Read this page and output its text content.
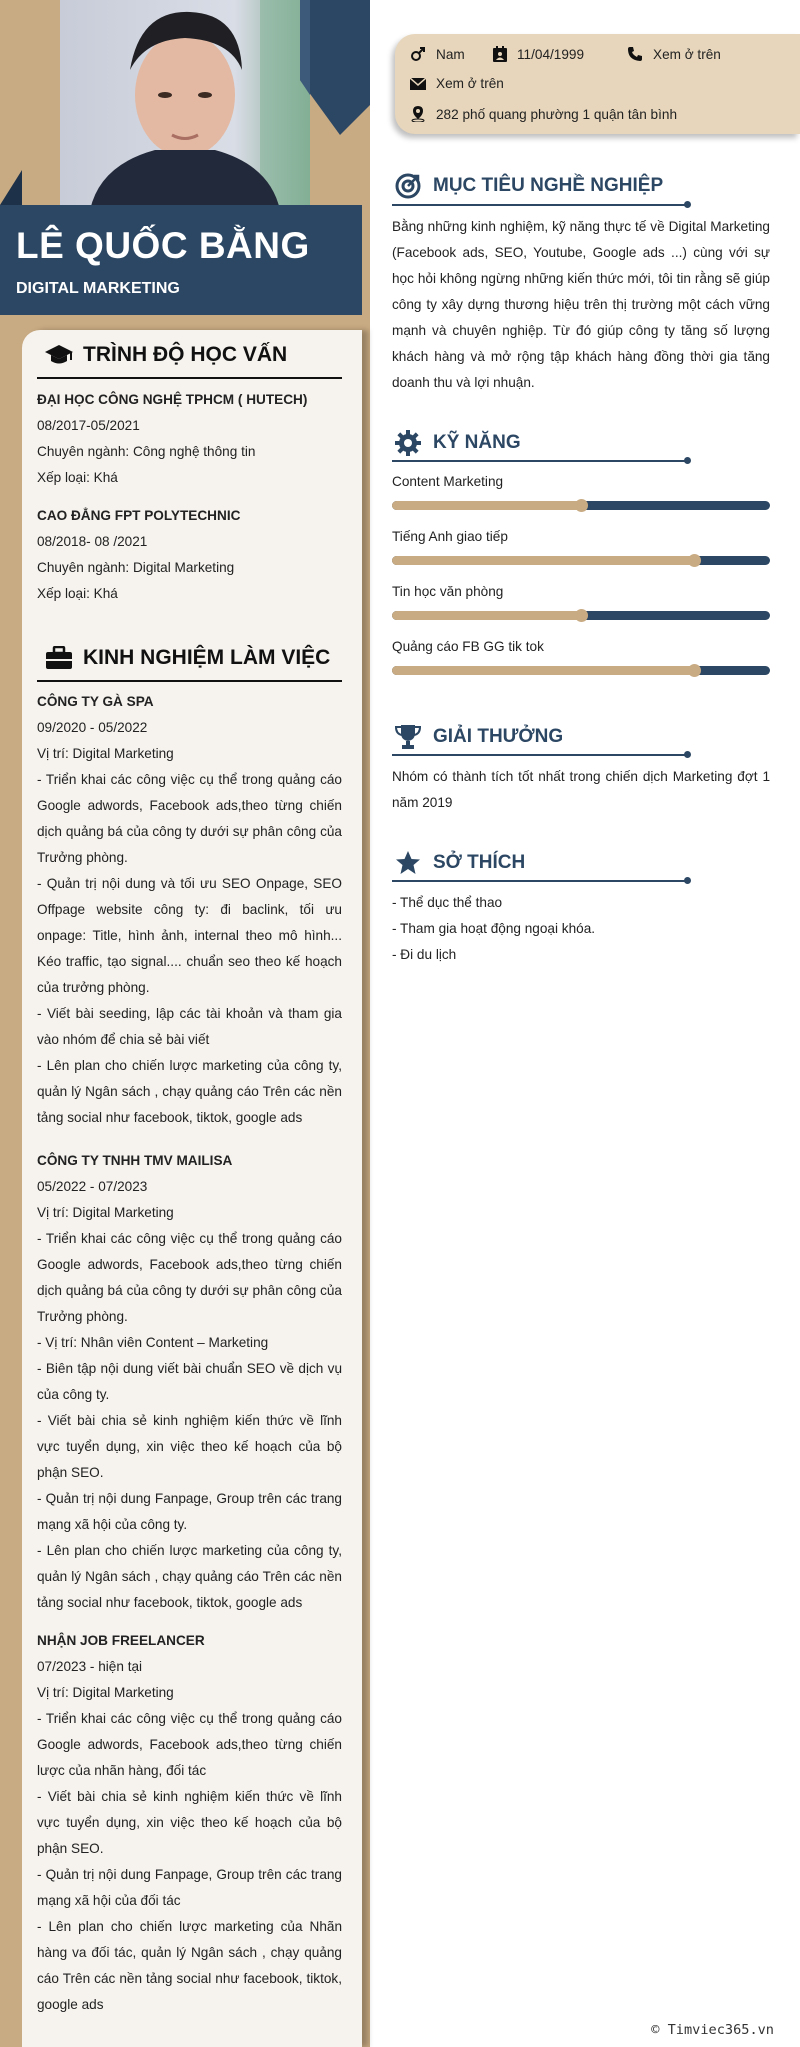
LÊ QUỐC BẰNG
DIGITAL MARKETING
TRÌNH ĐỘ HỌC VẤN

ĐẠI HỌC CÔNG NGHỆ TPHCM ( HUTECH)

08/2017-05/2021

Chuyên ngành: Công nghệ thông tin

Xếp loại: Khá

CAO ĐẲNG FPT POLYTECHNIC

08/2018- 08 /2021

Chuyên ngành: Digital Marketing

Xếp loại: Khá

KINH NGHIỆM LÀM VIỆC

CÔNG TY GÀ SPA

09/2020 - 05/2022

Vị trí: Digital Marketing

- Triển khai các công việc cụ thể trong quảng cáo Google adwords, Facebook ads,theo từng chiến dịch quảng bá của công ty dưới sự phân công của Trưởng phòng.

- Quản trị nội dung và tối ưu SEO Onpage, SEO Offpage website công ty: đi baclink, tối ưu onpage: Title, hình ảnh, internal theo mô hình... Kéo traffic, tạo signal.... chuẩn seo theo kế hoạch của trưởng phòng.

- Viết bài seeding, lập các tài khoản và tham gia vào nhóm để chia sẻ bài viết

- Lên plan cho chiến lược marketing của công ty, quản lý Ngân sách , chạy quảng cáo Trên các nền tảng social như facebook, tiktok, google ads

CÔNG TY TNHH TMV MAILISA

05/2022 - 07/2023

Vị trí: Digital Marketing

- Triển khai các công việc cụ thể trong quảng cáo Google adwords, Facebook ads,theo từng chiến dịch quảng bá của công ty dưới sự phân công của Trưởng phòng.

- Vị trí: Nhân viên Content – Marketing

- Biên tập nội dung viết bài chuẩn SEO về dịch vụ của công ty.

- Viết bài chia sẻ kinh nghiệm kiến thức về lĩnh vực tuyển dụng, xin việc theo kế hoạch của bộ phận SEO.

- Quản trị nội dung Fanpage, Group trên các trang mạng xã hội của công ty.

- Lên plan cho chiến lược marketing của công ty, quản lý Ngân sách , chạy quảng cáo Trên các nền tảng social như facebook, tiktok, google ads

NHẬN JOB FREELANCER

07/2023 - hiện tại

Vị trí: Digital Marketing

- Triển khai các công việc cụ thể trong quảng cáo Google adwords, Facebook ads,theo từng chiến lược của nhãn hàng, đối tác

- Viết bài chia sẻ kinh nghiệm kiến thức về lĩnh vực tuyển dụng, xin việc theo kế hoạch của bộ phận SEO.

- Quản trị nội dung Fanpage, Group trên các trang mạng xã hội của đối tác

- Lên plan cho chiến lược marketing của Nhãn hàng va đối tác, quản lý Ngân sách , chạy quảng cáo Trên các nền tảng social như facebook, tiktok, google ads

Nam	11/04/1999	Xem ở trên
Xem ở trên
282 phố quang phường 1 quận tân bình
MỤC TIÊU NGHỀ NGHIỆP
Bằng những kinh nghiệm, kỹ năng thực tế về Digital Marketing (Facebook ads, SEO, Youtube, Google ads ...) cùng với sự học hỏi không ngừng những kiến thức mới, tôi tin rằng sẽ giúp công ty xây dựng thương hiệu trên thị trường một cách vững mạnh và chuyên nghiệp. Từ đó giúp công ty tăng số lượng khách hàng và mở rộng tập khách hàng đồng thời gia tăng doanh thu và lợi nhuận.
KỸ NĂNG
Content Marketing
Tiếng Anh giao tiếp
Tin học văn phòng
Quảng cáo FB GG tik tok
GIẢI THƯỞNG
Nhóm có thành tích tốt nhất trong chiến dịch Marketing đợt 1 năm 2019
SỞ THÍCH
- Thể dục thể thao
- Tham gia hoạt động ngoại khóa.
- Đi du lịch
© Timviec365.vn
